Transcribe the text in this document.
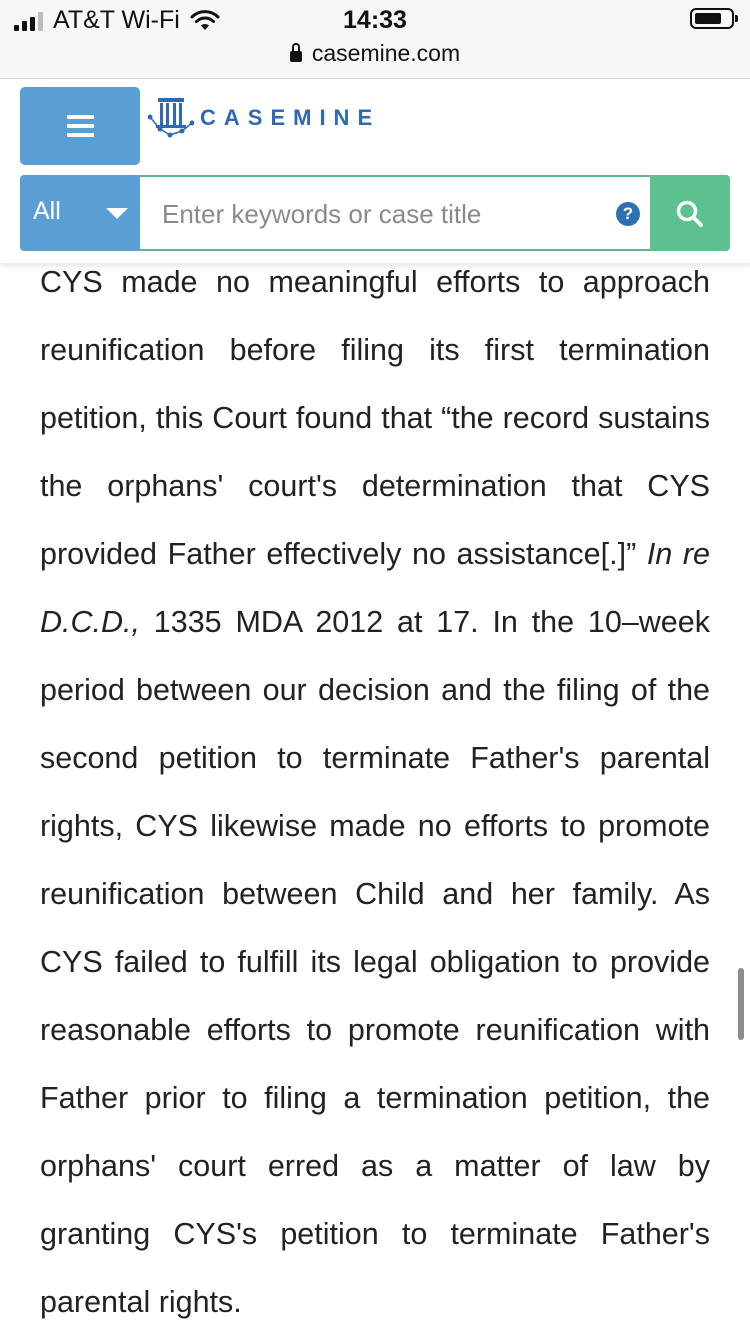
AT&T Wi-Fi	14:33
casemine.com
CASEMINE
All
Enter keywords or case title	?

CYS made no meaningful efforts to approach reunification before filing its first termination petition, this Court found that “the record sustains the orphans' court's determination that CYS provided Father effectively no assistance[.]” In re D.C.D., 1335 MDA 2012 at 17. In the 10–week period between our decision and the filing of the second petition to terminate Father's parental rights, CYS likewise made no efforts to promote reunification between Child and her family. As CYS failed to fulfill its legal obligation to provide reasonable efforts to promote reunification with Father prior to filing a termination petition, the orphans' court erred as a matter of law by granting CYS's petition to terminate Father's parental rights.
